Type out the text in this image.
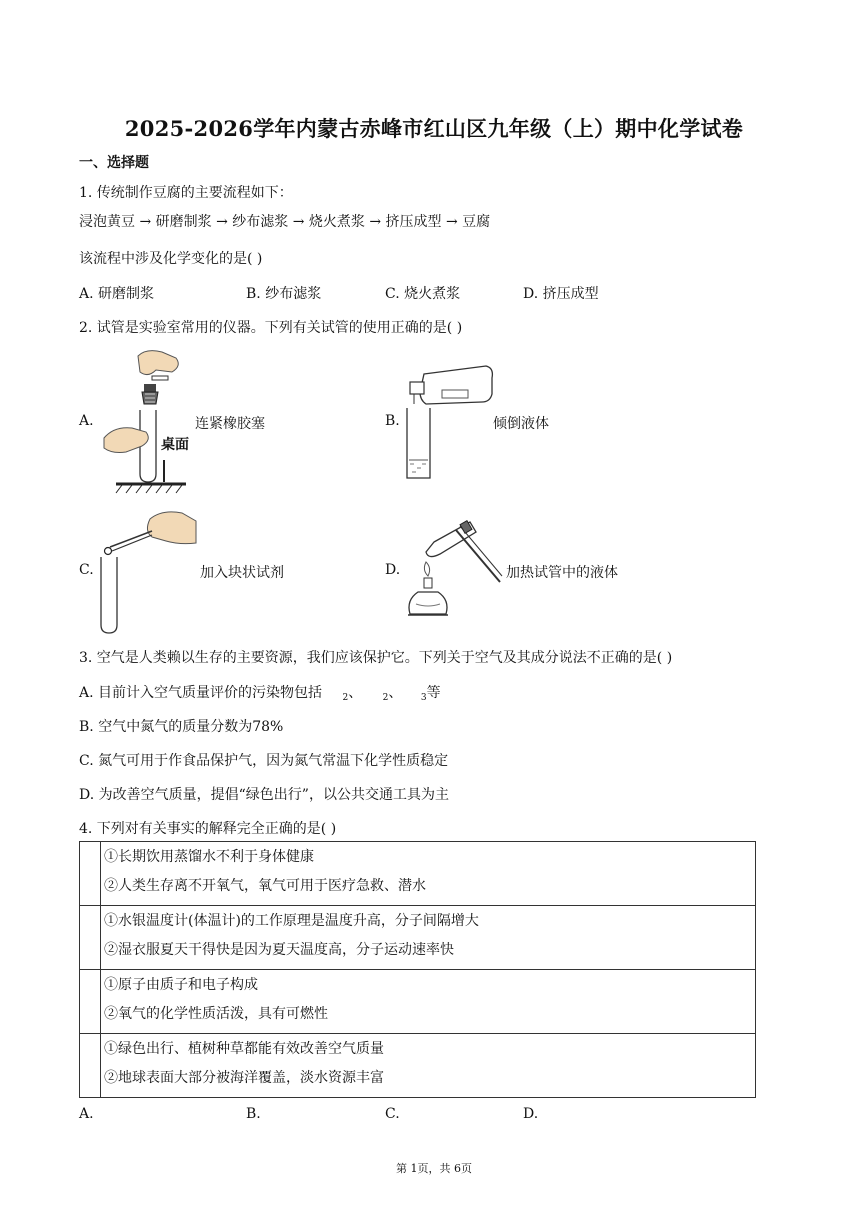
2025-2026学年内蒙古赤峰市红山区九年级（上）期中化学试卷
一、选择题
1. 传统制作豆腐的主要流程如下：
浸泡黄豆 → 研磨制浆 → 纱布滤浆 → 烧火煮浆 → 挤压成型 → 豆腐
该流程中涉及化学变化的是( )
A. 研磨制浆	B. 纱布滤浆	C. 烧火煮浆	D. 挤压成型
2. 试管是实验室常用的仪器。下列有关试管的使用正确的是( )
A.
桌面
连紧橡胶塞	B.	倾倒液体
C.	加入块状试剂	D.	加热试管中的液体
3. 空气是人类赖以生存的主要资源，我们应该保护它。下列关于空气及其成分说法不正确的是( )
A. 目前计入空气质量评价的污染物包括 $_2$、 $_2$、 $_3$等
B. 空气中氮气的质量分数为78%
C. 氮气可用于作食品保护气，因为氮气常温下化学性质稳定
D. 为改善空气质量，提倡“绿色出行”，以公共交通工具为主
4. 下列对有关事实的解释完全正确的是( )

	①长期饮用蒸馏水不利于身体健康
②人类生存离不开氧气，氧气可用于医疗急救、潜水

	①水银温度计(体温计)的工作原理是温度升高，分子间隔增大
②湿衣服夏天干得快是因为夏天温度高，分子运动速率快

	①原子由质子和电子构成
②氧气的化学性质活泼，具有可燃性

	①绿色出行、植树种草都能有效改善空气质量
②地球表面大部分被海洋覆盖，淡水资源丰富
A.	B.	C.	D.
第 1页，共 6页
